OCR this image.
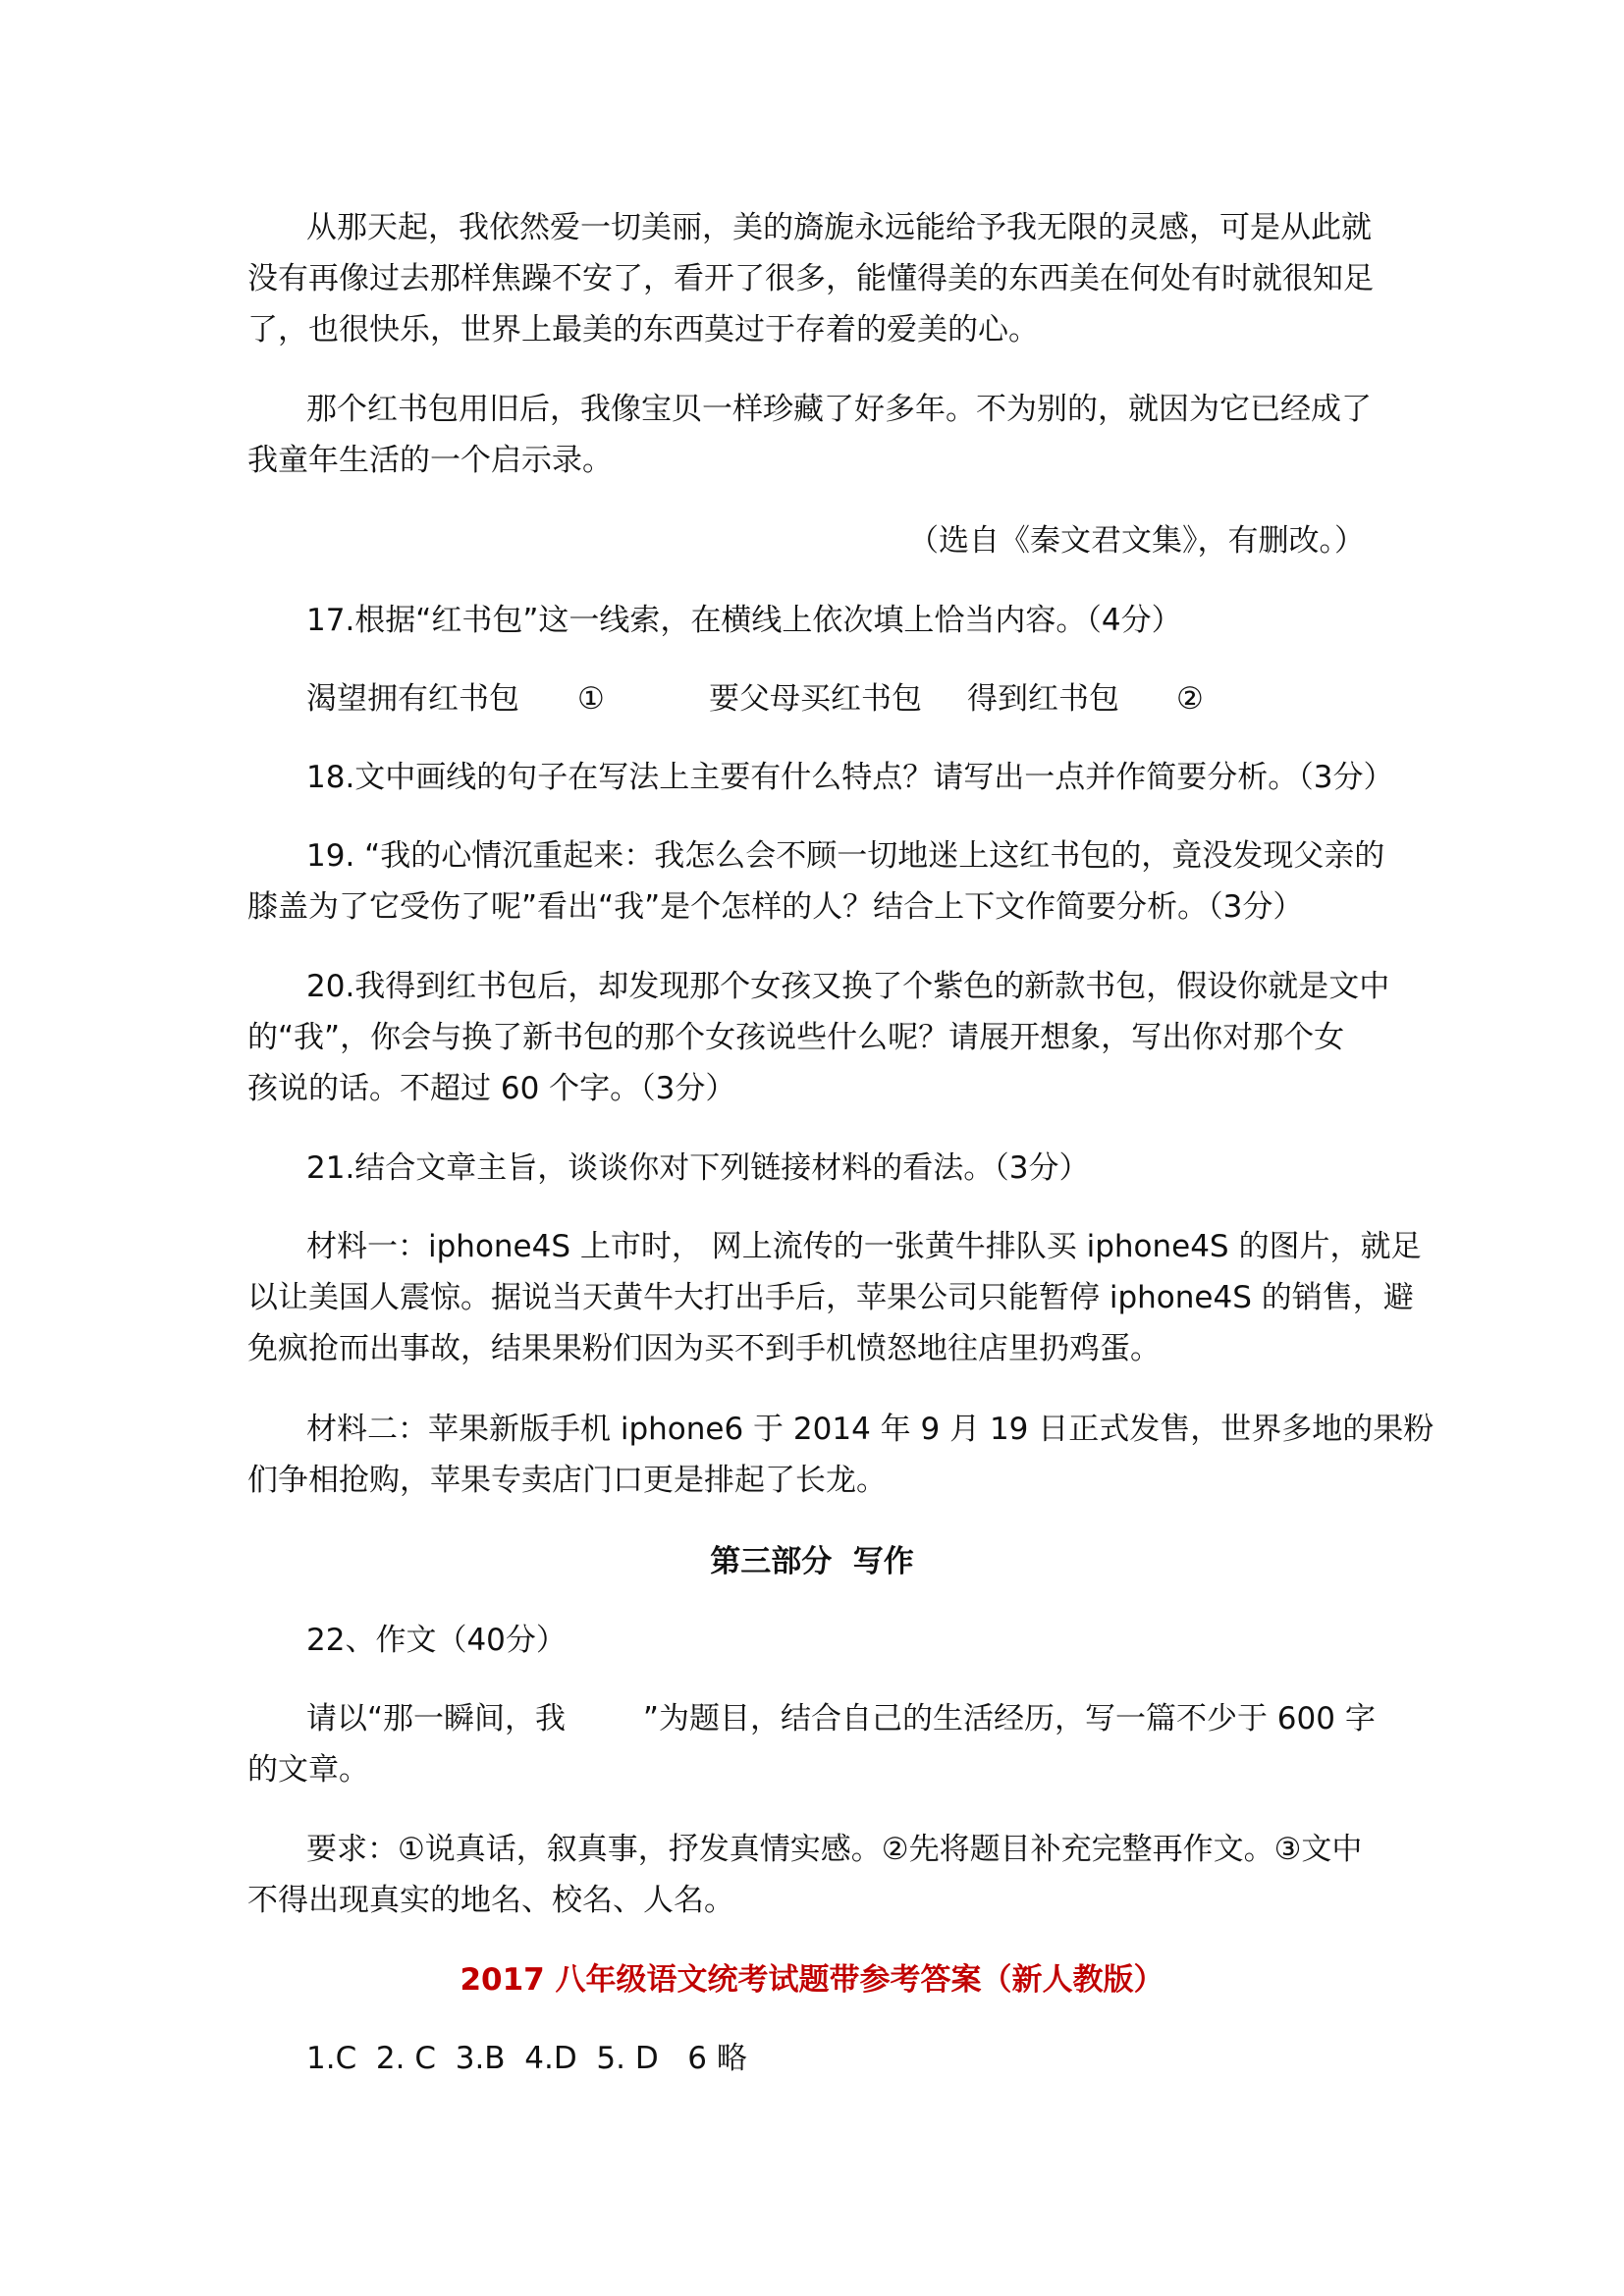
从那天起，我依然爱一切美丽，美的旖旎永远能给予我无限的灵感，可是从此就
没有再像过去那样焦躁不安了，看开了很多，能懂得美的东西美在何处有时就很知足
了，也很快乐，世界上最美的东西莫过于存着的爱美的心。
那个红书包用旧后，我像宝贝一样珍藏了好多年。不为别的，就因为它已经成了
我童年生活的一个启示录。
（选自《秦文君文集》，有删改。）
17.根据“红书包”这一线索，在横线上依次填上恰当内容。（4分）
渴望拥有红书包 ①	要父母买红书包 得到红书包 ②
18.文中画线的句子在写法上主要有什么特点？请写出一点并作简要分析。（3分）
19. “我的心情沉重起来：我怎么会不顾一切地迷上这红书包的，竟没发现父亲的
膝盖为了它受伤了呢”看出“我”是个怎样的人？结合上下文作简要分析。（3分）
20.我得到红书包后，却发现那个女孩又换了个紫色的新款书包，假设你就是文中
的“我”，你会与换了新书包的那个女孩说些什么呢？请展开想象，写出你对那个女
孩说的话。不超过 60 个字。（3分）
21.结合文章主旨，谈谈你对下列链接材料的看法。（3分）
材料一：iphone4S 上市时， 网上流传的一张黄牛排队买 iphone4S 的图片，就足
以让美国人震惊。据说当天黄牛大打出手后，苹果公司只能暂停 iphone4S 的销售，避
免疯抢而出事故，结果果粉们因为买不到手机愤怒地往店里扔鸡蛋。
材料二：苹果新版手机 iphone6 于 2014 年 9 月 19 日正式发售，世界多地的果粉
们争相抢购，苹果专卖店门口更是排起了长龙。
第三部分  写作
22、作文（40分）
请以“那一瞬间，我        ”为题目，结合自己的生活经历，写一篇不少于 600 字
的文章。
要求：①说真话，叙真事，抒发真情实感。②先将题目补充完整再作文。③文中
不得出现真实的地名、校名、人名。
2017 八年级语文统考试题带参考答案（新人教版）
1.C  2. C  3.B  4.D  5. D   6 略
